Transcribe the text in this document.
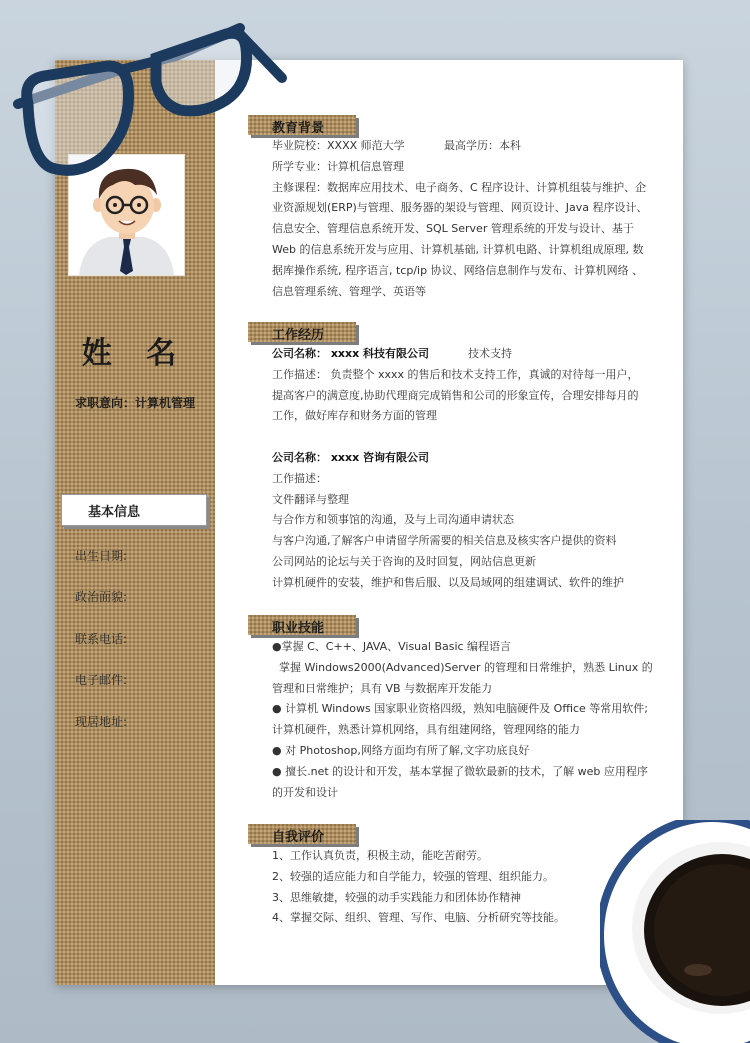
姓 名
求职意向：计算机管理
基本信息
出生日期:
政治面貌:
联系电话:
电子邮件:
现居地址:
教育背景
毕业院校：XXXX 师范大学	最高学历：本科
所学专业：计算机信息管理
主修课程：数据库应用技术、电子商务、C 程序设计、计算机组装与维护、企
业资源规划(ERP)与管理、服务器的架设与管理、网页设计、Java 程序设计、
信息安全、管理信息系统开发、SQL Server 管理系统的开发与设计、基于
Web 的信息系统开发与应用、计算机基础, 计算机电路、计算机组成原理, 数
据库操作系统, 程序语言, tcp/ip 协议、网络信息制作与发布、计算机网络 、
信息管理系统、管理学、英语等
工作经历
公司名称： xxxx 科技有限公司	技术支持
工作描述： 负责整个 xxxx 的售后和技术支持工作，真诚的对待每一用户，
提高客户的满意度,协助代理商完成销售和公司的形象宣传，合理安排每月的
工作，做好库存和财务方面的管理
公司名称： xxxx 咨询有限公司
工作描述：
文件翻译与整理
与合作方和领事馆的沟通，及与上司沟通申请状态
与客户沟通,了解客户申请留学所需要的相关信息及核实客户提供的资料
公司网站的论坛与关于咨询的及时回复，网站信息更新
计算机硬件的安装，维护和售后服、以及局域网的组建调试、软件的维护
职业技能
●掌握 C、C++、JAVA、Visual Basic 编程语言
掌握 Windows2000(Advanced)Server 的管理和日常维护，熟悉 Linux 的
管理和日常维护；具有 VB 与数据库开发能力
● 计算机 Windows 国家职业资格四级，熟知电脑硬件及 Office 等常用软件;
计算机硬件，熟悉计算机网络，具有组建网络，管理网络的能力
● 对 Photoshop,网络方面均有所了解,文字功底良好
● 擅长.net 的设计和开发，基本掌握了微软最新的技术，了解 web 应用程序
的开发和设计
自我评价
1、工作认真负责，积极主动，能吃苦耐劳。
2、较强的适应能力和自学能力，较强的管理、组织能力。
3、思维敏捷，较强的动手实践能力和团体协作精神
4、掌握交际、组织、管理、写作、电脑、分析研究等技能。
